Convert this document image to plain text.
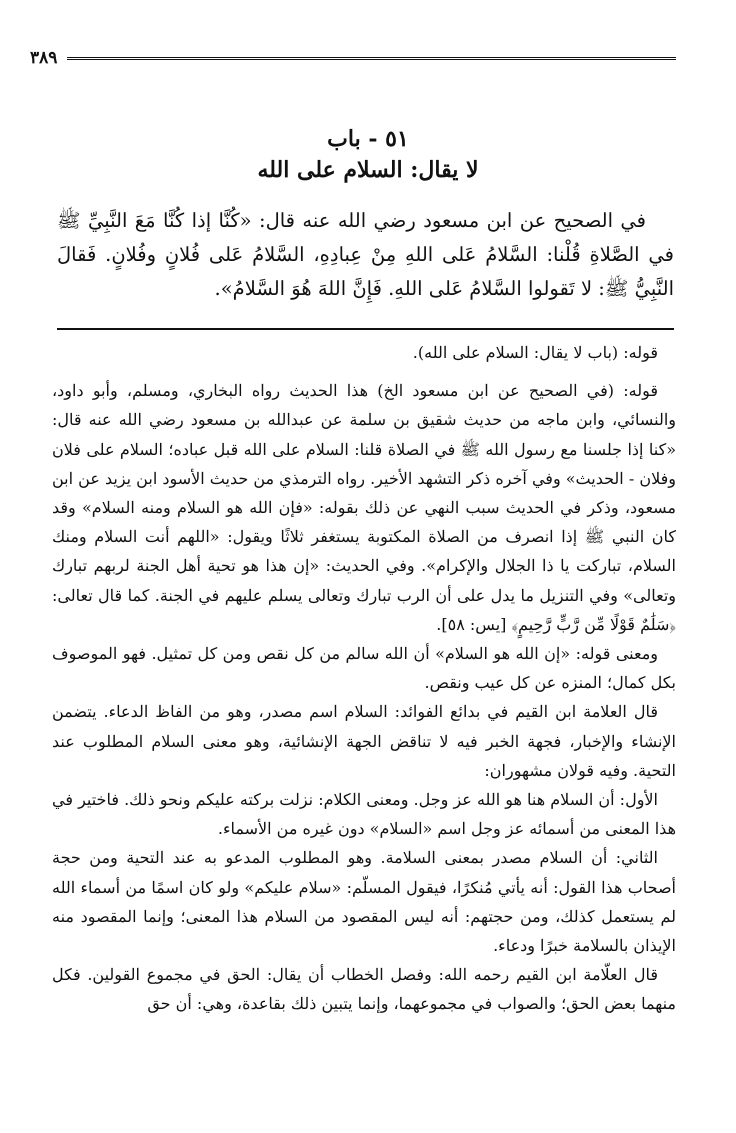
٣٨٩
٥١ - باب
لا يقال: السلام على الله

في الصحيح عن ابن مسعود رضي الله عنه قال: «كُنَّا إذا كُنَّا مَعَ النَّبِيِّ ﷺ في الصَّلاةِ قُلْنا: السَّلامُ عَلى اللهِ مِنْ عِبادِهِ، السَّلامُ عَلى فُلانٍ وفُلانٍ. فَقالَ النَّبِيُّ ﷺ: لا تَقولوا السَّلامُ عَلى اللهِ. فَإِنَّ اللهَ هُوَ السَّلامُ».

قوله: (باب لا يقال: السلام على الله).

قوله: (في الصحيح عن ابن مسعود الخ) هذا الحديث رواه البخاري، ومسلم، وأبو داود، والنسائي، وابن ماجه من حديث شقيق بن سلمة عن عبدالله بن مسعود رضي الله عنه قال: «كنا إذا جلسنا مع رسول الله ﷺ في الصلاة قلنا: السلام على الله قبل عباده؛ السلام على فلان وفلان - الحديث» وفي آخره ذكر التشهد الأخير. رواه الترمذي من حديث الأسود ابن يزيد عن ابن مسعود، وذكر في الحديث سبب النهي عن ذلك بقوله: «فإن الله هو السلام ومنه السلام» وقد كان النبي ﷺ إذا انصرف من الصلاة المكتوبة يستغفر ثلاثًا ويقول: «اللهم أنت السلام ومنك السلام، تباركت يا ذا الجلال والإكرام». وفي الحديث: «إن هذا هو تحية أهل الجنة لربهم تبارك وتعالى» وفي التنزيل ما يدل على أن الرب تبارك وتعالى يسلم عليهم في الجنة. كما قال تعالى: ﴿سَلَٰمٌ قَوْلًا مِّن رَّبٍّ رَّحِيمٍ﴾ [يس: ٥٨].

ومعنى قوله: «إن الله هو السلام» أن الله سالم من كل نقص ومن كل تمثيل. فهو الموصوف بكل كمال؛ المنزه عن كل عيب ونقص.

قال العلامة ابن القيم في بدائع الفوائد: السلام اسم مصدر، وهو من الفاظ الدعاء. يتضمن الإنشاء والإخبار، فجهة الخبر فيه لا تناقض الجهة الإنشائية، وهو معنى السلام المطلوب عند التحية. وفيه قولان مشهوران:

الأول: أن السلام هنا هو الله عز وجل. ومعنى الكلام: نزلت بركته عليكم ونحو ذلك. فاختير في هذا المعنى من أسمائه عز وجل اسم «السلام» دون غيره من الأسماء.

الثاني: أن السلام مصدر بمعنى السلامة. وهو المطلوب المدعو به عند التحية ومن حجة أصحاب هذا القول: أنه يأتي مُنكرًا، فيقول المسلّم: «سلام عليكم» ولو كان اسمًا من أسماء الله لم يستعمل كذلك، ومن حجتهم: أنه ليس المقصود من السلام هذا المعنى؛ وإنما المقصود منه الإيذان بالسلامة خبرًا ودعاء.

قال العلّامة ابن القيم رحمه الله: وفصل الخطاب أن يقال: الحق في مجموع القولين. فكل منهما بعض الحق؛ والصواب في مجموعهما، وإنما يتبين ذلك بقاعدة، وهي: أن حق
